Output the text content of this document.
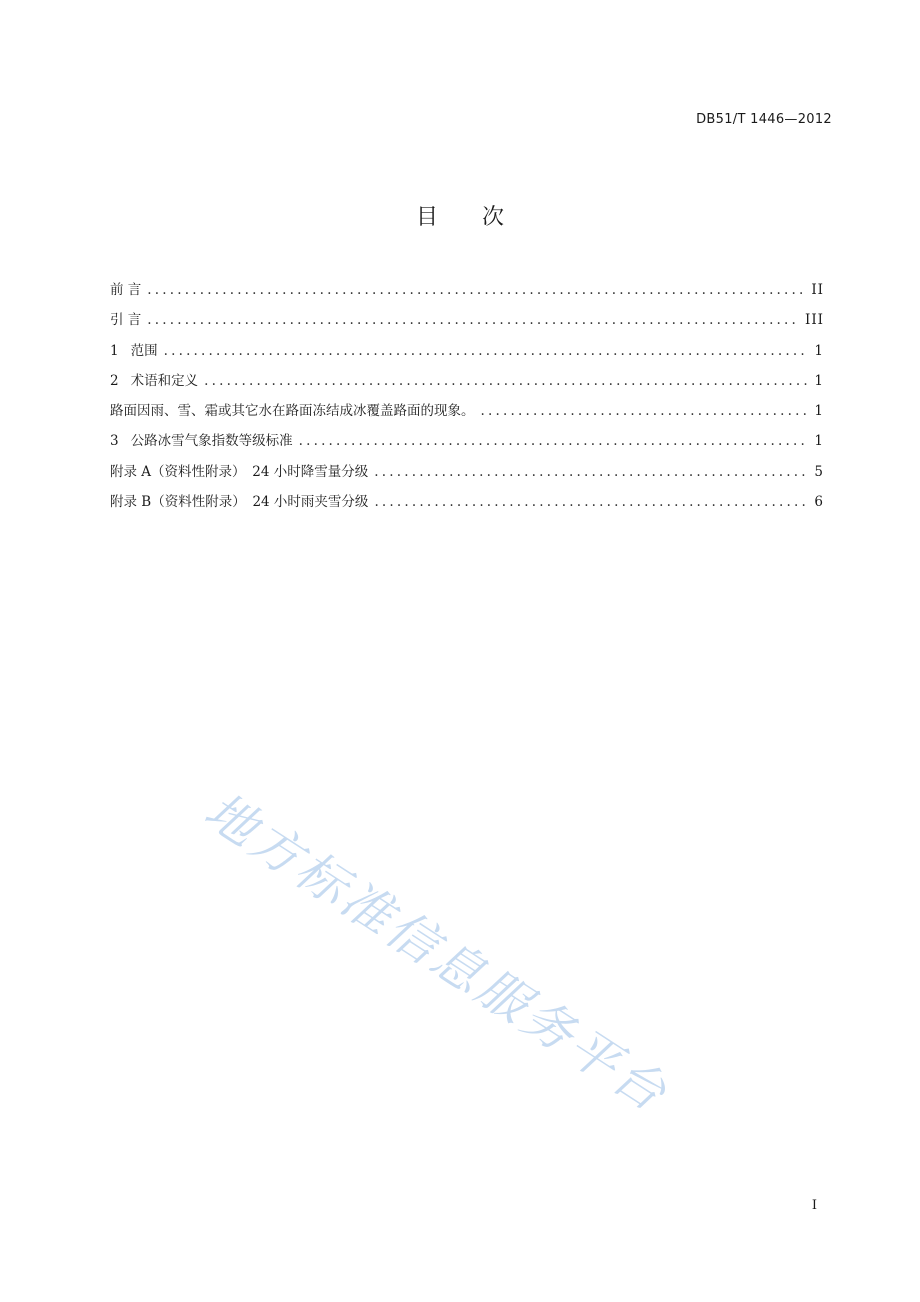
DB51/T 1446—2012
目次
前 言 .....	II
引 言 .....	III
1 范围 .....	1
2 术语和定义 .....	1
路面因雨、雪、霜或其它水在路面冻结成冰覆盖路面的现象。 .....	1
3 公路冰雪气象指数等级标准 .....	1
附录 A（资料性附录）　24 小时降雪量分级 .....	5
附录 B（资料性附录）　24 小时雨夹雪分级 .....	6
地方标准信息服务平台
I
